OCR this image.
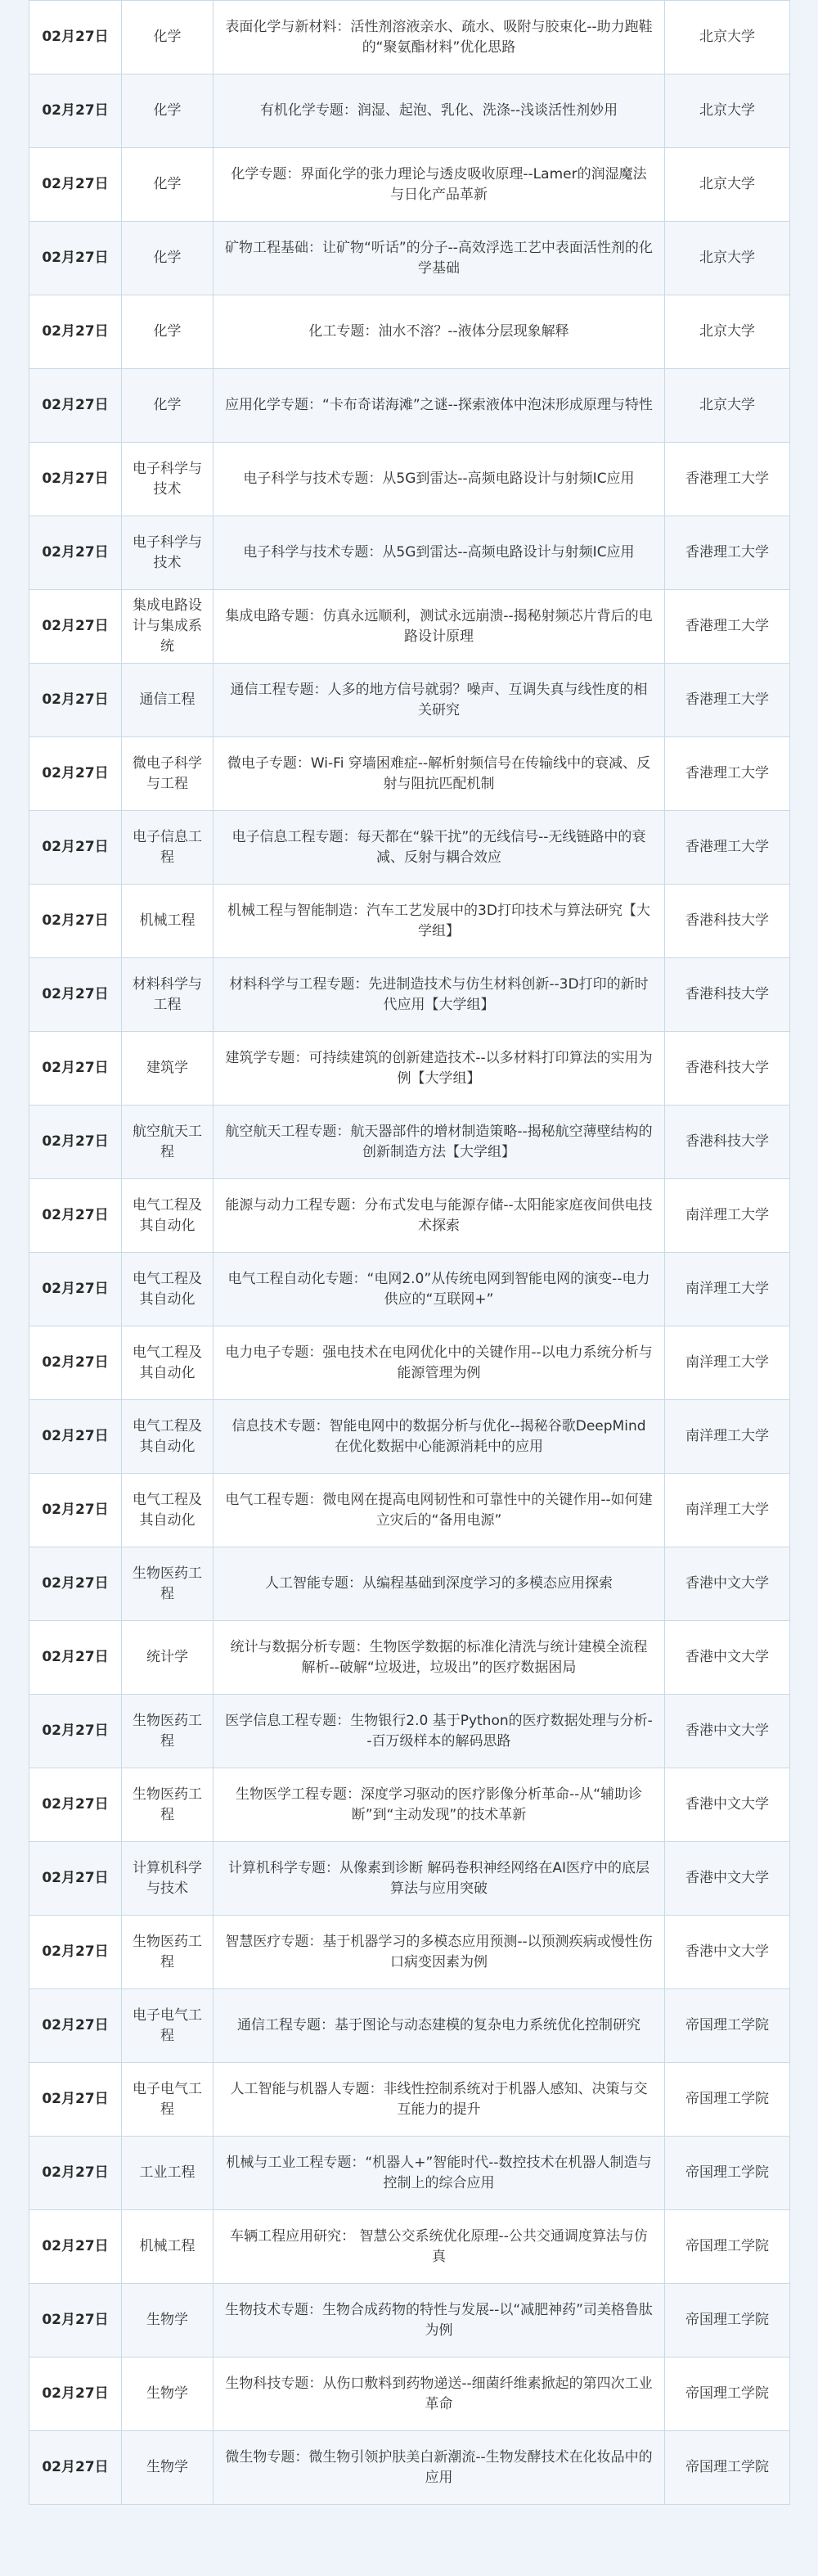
02月27日	化学	表面化学与新材料：活性剂溶液亲水、疏水、吸附与胶束化--助力跑鞋的“聚氨酯材料”优化思路	北京大学
02月27日	化学	有机化学专题：润湿、起泡、乳化、洗涤--浅谈活性剂妙用	北京大学
02月27日	化学	化学专题：界面化学的张力理论与透皮吸收原理--Lamer的润湿魔法与日化产品革新	北京大学
02月27日	化学	矿物工程基础：让矿物“听话”的分子--高效浮选工艺中表面活性剂的化学基础	北京大学
02月27日	化学	化工专题：油水不溶？--液体分层现象解释	北京大学
02月27日	化学	应用化学专题：“卡布奇诺海滩”之谜--探索液体中泡沫形成原理与特性	北京大学
02月27日	电子科学与技术	电子科学与技术专题：从5G到雷达--高频电路设计与射频IC应用	香港理工大学
02月27日	电子科学与技术	电子科学与技术专题：从5G到雷达--高频电路设计与射频IC应用	香港理工大学
02月27日	集成电路设计与集成系统	集成电路专题：仿真永远顺利，测试永远崩溃--揭秘射频芯片背后的电路设计原理	香港理工大学
02月27日	通信工程	通信工程专题：人多的地方信号就弱？噪声、互调失真与线性度的相关研究	香港理工大学
02月27日	微电子科学与工程	微电子专题：Wi-Fi 穿墙困难症--解析射频信号在传输线中的衰减、反射与阻抗匹配机制	香港理工大学
02月27日	电子信息工程	电子信息工程专题：每天都在“躲干扰”的无线信号--无线链路中的衰减、反射与耦合效应	香港理工大学
02月27日	机械工程	机械工程与智能制造：汽车工艺发展中的3D打印技术与算法研究【大学组】	香港科技大学
02月27日	材料科学与工程	材料科学与工程专题：先进制造技术与仿生材料创新--3D打印的新时代应用【大学组】	香港科技大学
02月27日	建筑学	建筑学专题：可持续建筑的创新建造技术--以多材料打印算法的实用为例【大学组】	香港科技大学
02月27日	航空航天工程	航空航天工程专题：航天器部件的增材制造策略--揭秘航空薄壁结构的创新制造方法【大学组】	香港科技大学
02月27日	电气工程及其自动化	能源与动力工程专题：分布式发电与能源存储--太阳能家庭夜间供电技术探索	南洋理工大学
02月27日	电气工程及其自动化	电气工程自动化专题：“电网2.0”从传统电网到智能电网的演变--电力供应的“互联网+”	南洋理工大学
02月27日	电气工程及其自动化	电力电子专题：强电技术在电网优化中的关键作用--以电力系统分析与能源管理为例	南洋理工大学
02月27日	电气工程及其自动化	信息技术专题：智能电网中的数据分析与优化--揭秘谷歌DeepMind在优化数据中心能源消耗中的应用	南洋理工大学
02月27日	电气工程及其自动化	电气工程专题：微电网在提高电网韧性和可靠性中的关键作用--如何建立灾后的“备用电源”	南洋理工大学
02月27日	生物医药工程	人工智能专题：从编程基础到深度学习的多模态应用探索	香港中文大学
02月27日	统计学	统计与数据分析专题：生物医学数据的标准化清洗与统计建模全流程解析--破解“垃圾进，垃圾出”的医疗数据困局	香港中文大学
02月27日	生物医药工程	医学信息工程专题：生物银行2.0 基于Python的医疗数据处理与分析--百万级样本的解码思路	香港中文大学
02月27日	生物医药工程	生物医学工程专题：深度学习驱动的医疗影像分析革命--从“辅助诊断”到“主动发现”的技术革新	香港中文大学
02月27日	计算机科学与技术	计算机科学专题：从像素到诊断 解码卷积神经网络在AI医疗中的底层算法与应用突破	香港中文大学
02月27日	生物医药工程	智慧医疗专题：基于机器学习的多模态应用预测--以预测疾病或慢性伤口病变因素为例	香港中文大学
02月27日	电子电气工程	通信工程专题：基于图论与动态建模的复杂电力系统优化控制研究	帝国理工学院
02月27日	电子电气工程	人工智能与机器人专题：非线性控制系统对于机器人感知、决策与交互能力的提升	帝国理工学院
02月27日	工业工程	机械与工业工程专题：“机器人+”智能时代--数控技术在机器人制造与控制上的综合应用	帝国理工学院
02月27日	机械工程	车辆工程应用研究： 智慧公交系统优化原理--公共交通调度算法与仿真	帝国理工学院
02月27日	生物学	生物技术专题：生物合成药物的特性与发展--以“减肥神药”司美格鲁肽为例	帝国理工学院
02月27日	生物学	生物科技专题：从伤口敷料到药物递送--细菌纤维素掀起的第四次工业革命	帝国理工学院
02月27日	生物学	微生物专题：微生物引领护肤美白新潮流--生物发酵技术在化妆品中的应用	帝国理工学院
